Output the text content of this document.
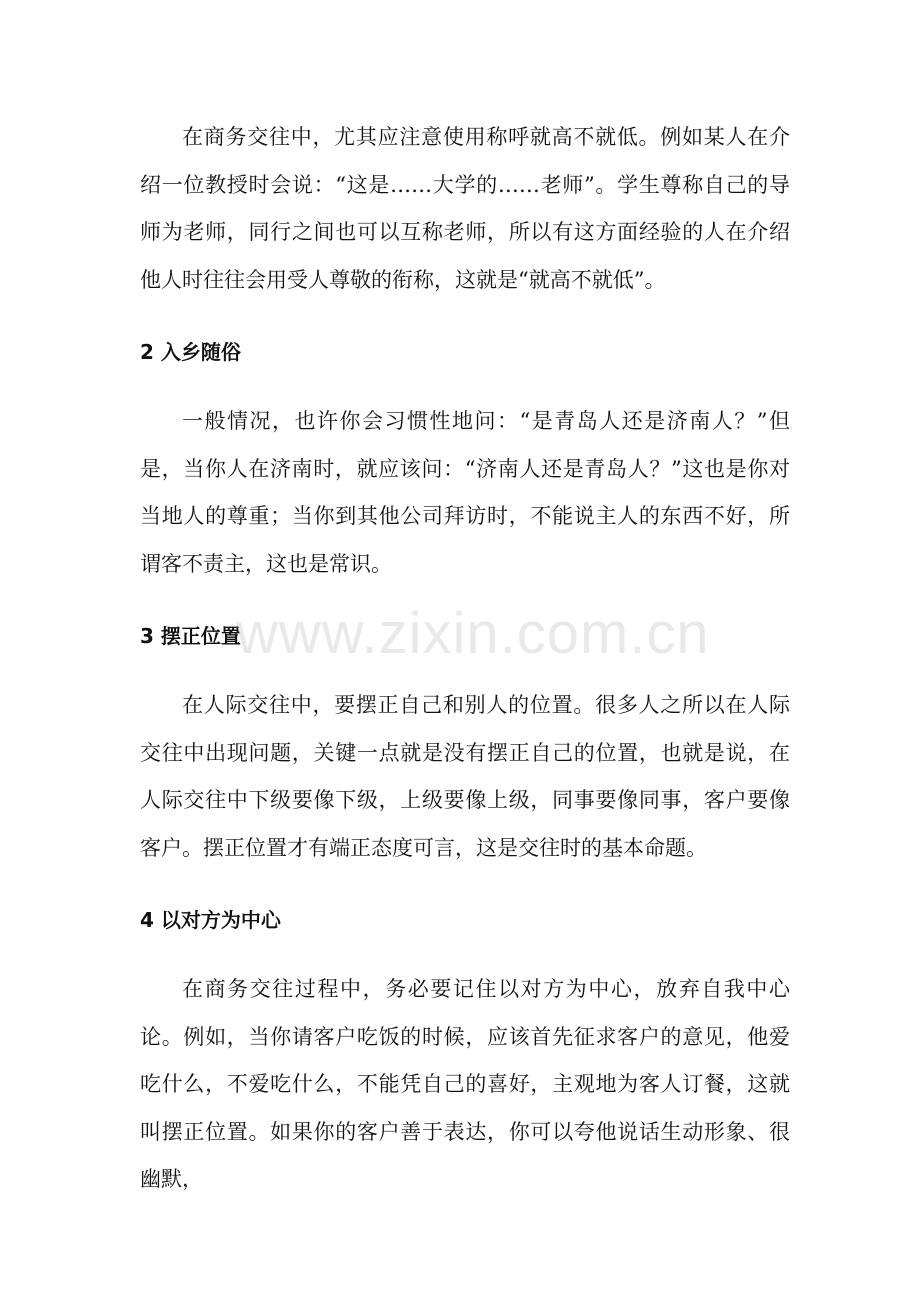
在商务交往中，尤其应注意使用称呼就高不就低。例如某人在介绍一位教授时会说：“这是……大学的……老师”。学生尊称自己的导师为老师，同行之间也可以互称老师，所以有这方面经验的人在介绍他人时往往会用受人尊敬的衔称，这就是“就高不就低”。

2 入乡随俗

一般情况，也许你会习惯性地问：“是青岛人还是济南人？”但是，当你人在济南时，就应该问：“济南人还是青岛人？”这也是你对当地人的尊重；当你到其他公司拜访时，不能说主人的东西不好，所谓客不责主，这也是常识。

3 摆正位置

在人际交往中，要摆正自己和别人的位置。很多人之所以在人际交往中出现问题，关键一点就是没有摆正自己的位置，也就是说，在人际交往中下级要像下级，上级要像上级，同事要像同事，客户要像客户。摆正位置才有端正态度可言，这是交往时的基本命题。

4 以对方为中心

在商务交往过程中，务必要记住以对方为中心，放弃自我中心论。例如，当你请客户吃饭的时候，应该首先征求客户的意见，他爱吃什么，不爱吃什么，不能凭自己的喜好，主观地为客人订餐，这就叫摆正位置。如果你的客户善于表达，你可以夸他说话生动形象、很幽默，

www.zixin.com.cn
